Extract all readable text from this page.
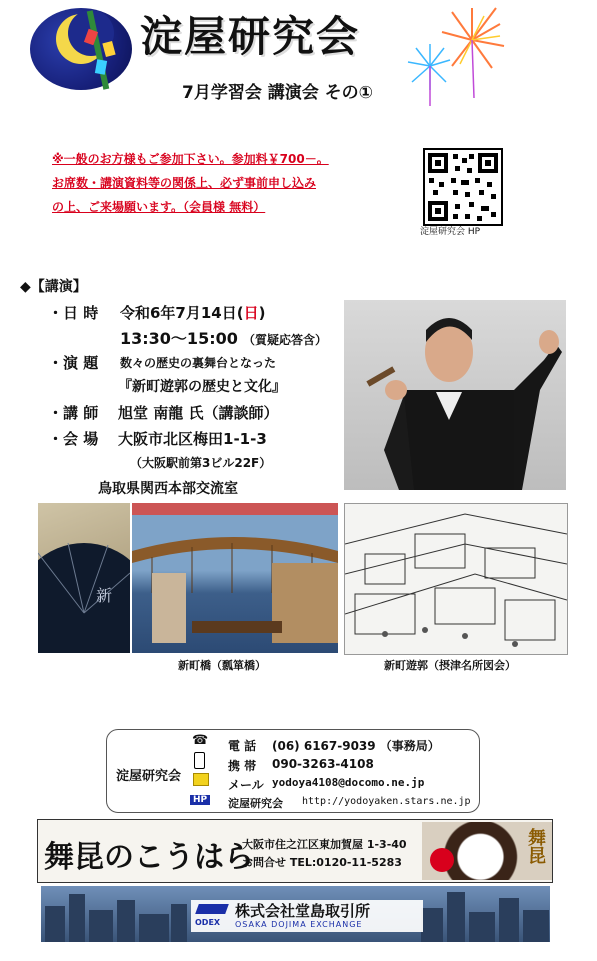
淀屋研究会
7月学習会 講演会 その①
※一般のお方様もご参加下さい。参加料￥700－。
お席数・講演資料等の関係上、必ず事前申し込み
の上、ご来場願います。（会員様 無料）
淀屋研究会 HP
◆【講演】
・日 時 令和6年7月14日(日)
13:30～15:00 （質疑応答含）
・演 題 数々の歴史の裏舞台となった
『新町遊郭の歴史と文化』
・講 師 旭堂 南龍 氏（講談師）
・会 場 大阪市北区梅田1-1-3
（大阪駅前第3ビル22F）
鳥取県関西本部交流室
新
新町橋（瓢箪橋）	新町遊郭（摂津名所図会）
淀屋研究会
☎
HP
電 話 (06) 6167-9039 （事務局）
携 帯 090-3263-4108
メール yodoya4108@docomo.ne.jp
淀屋研究会 http://yodoyaken.stars.ne.jp
舞昆のこうはら
大阪市住之江区東加賀屋 1-3-40
お問合せ TEL:0120-11-5283	舞昆
ODEX
株式会社堂島取引所
OSAKA DOJIMA EXCHANGE
